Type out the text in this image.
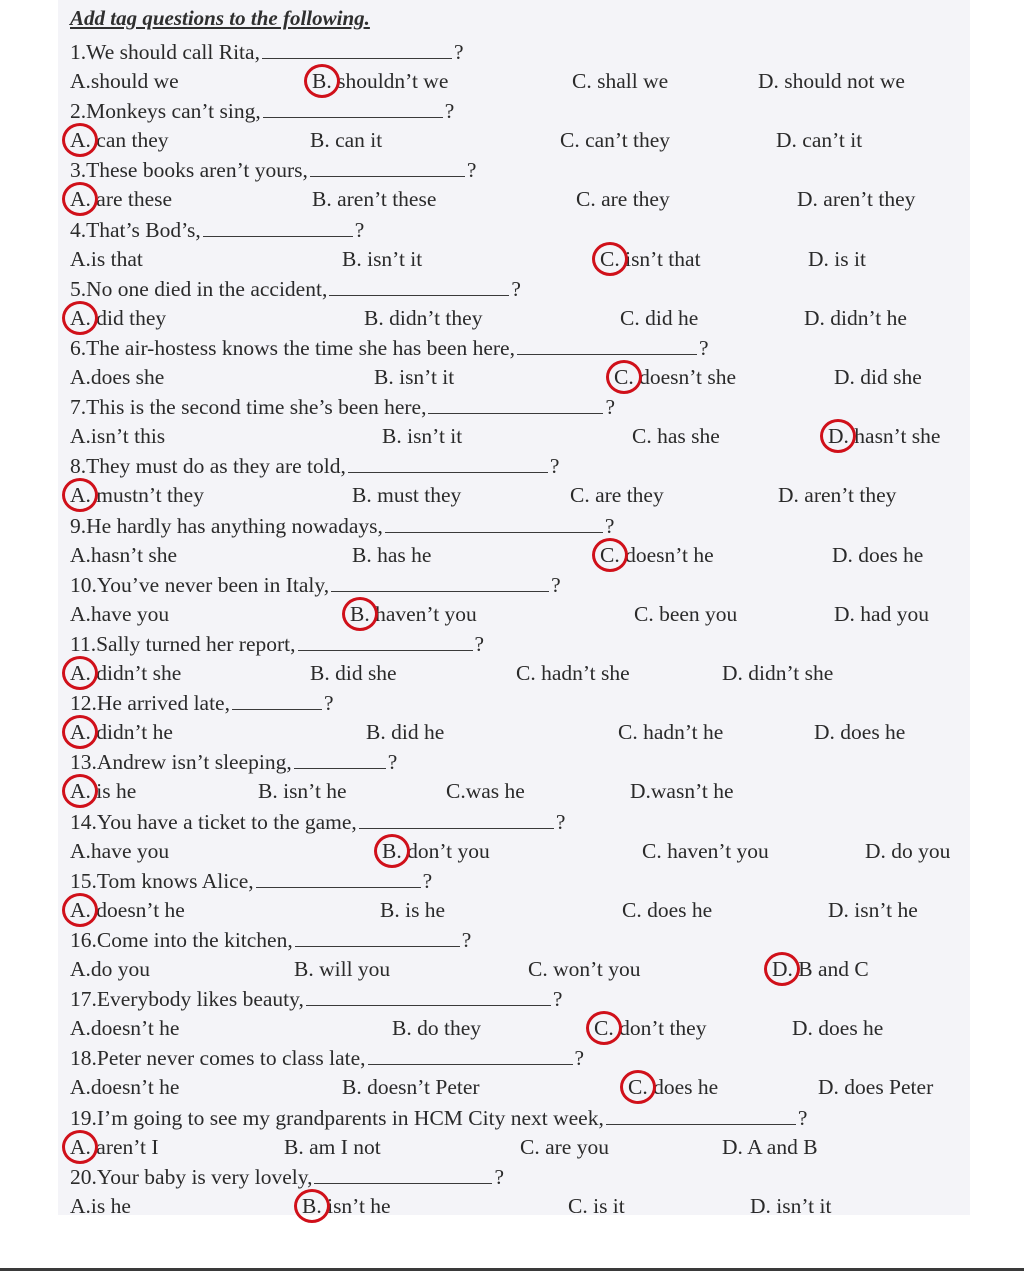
Add tag questions to the following.
1.We should call Rita,	?
A.should we	B. shouldn’t we	C. shall we	D. should not we
2.Monkeys can’t sing,	?
A. can they	B. can it	C. can’t they	D. can’t it
3.These books aren’t yours,	?
A. are these	B. aren’t these	C. are they	D. aren’t they
4.That’s Bod’s,	?
A.is that	B. isn’t it	C. isn’t that	D. is it
5.No one died in the accident,	?
A. did they	B. didn’t they	C. did he	D. didn’t he
6.The air-hostess knows the time she has been here,	?
A.does she	B. isn’t it	C. doesn’t she	D. did she
7.This is the second time she’s been here,	?
A.isn’t this	B. isn’t it	C. has she	D. hasn’t she
8.They must do as they are told,	?
A. mustn’t they	B. must they	C. are they	D. aren’t they
9.He hardly has anything nowadays,	?
A.hasn’t she	B. has he	C. doesn’t he	D. does he
10.You’ve never been in Italy,	?
A.have you	B. haven’t you	C. been you	D. had you
11.Sally turned her report,	?
A. didn’t she	B. did she	C. hadn’t she	D. didn’t she
12.He arrived late,	?
A. didn’t he	B. did he	C. hadn’t he	D. does he
13.Andrew isn’t sleeping,	?
A. is he	B. isn’t he	C.was he	D.wasn’t he
14.You have a ticket to the game,	?
A.have you	B. don’t you	C. haven’t you	D. do you
15.Tom knows Alice,	?
A. doesn’t he	B. is he	C. does he	D. isn’t he
16.Come into the kitchen,	?
A.do you	B. will you	C. won’t you	D. B and C
17.Everybody likes beauty,	?
A.doesn’t he	B. do they	C. don’t they	D. does he
18.Peter never comes to class late,	?
A.doesn’t he	B. doesn’t Peter	C. does he	D. does Peter
19.I’m going to see my grandparents in HCM City next week,	?
A. aren’t I	B. am I not	C. are you	D. A and B
20.Your baby is very lovely,	?
A.is he	B. isn’t he	C. is it	D. isn’t it
